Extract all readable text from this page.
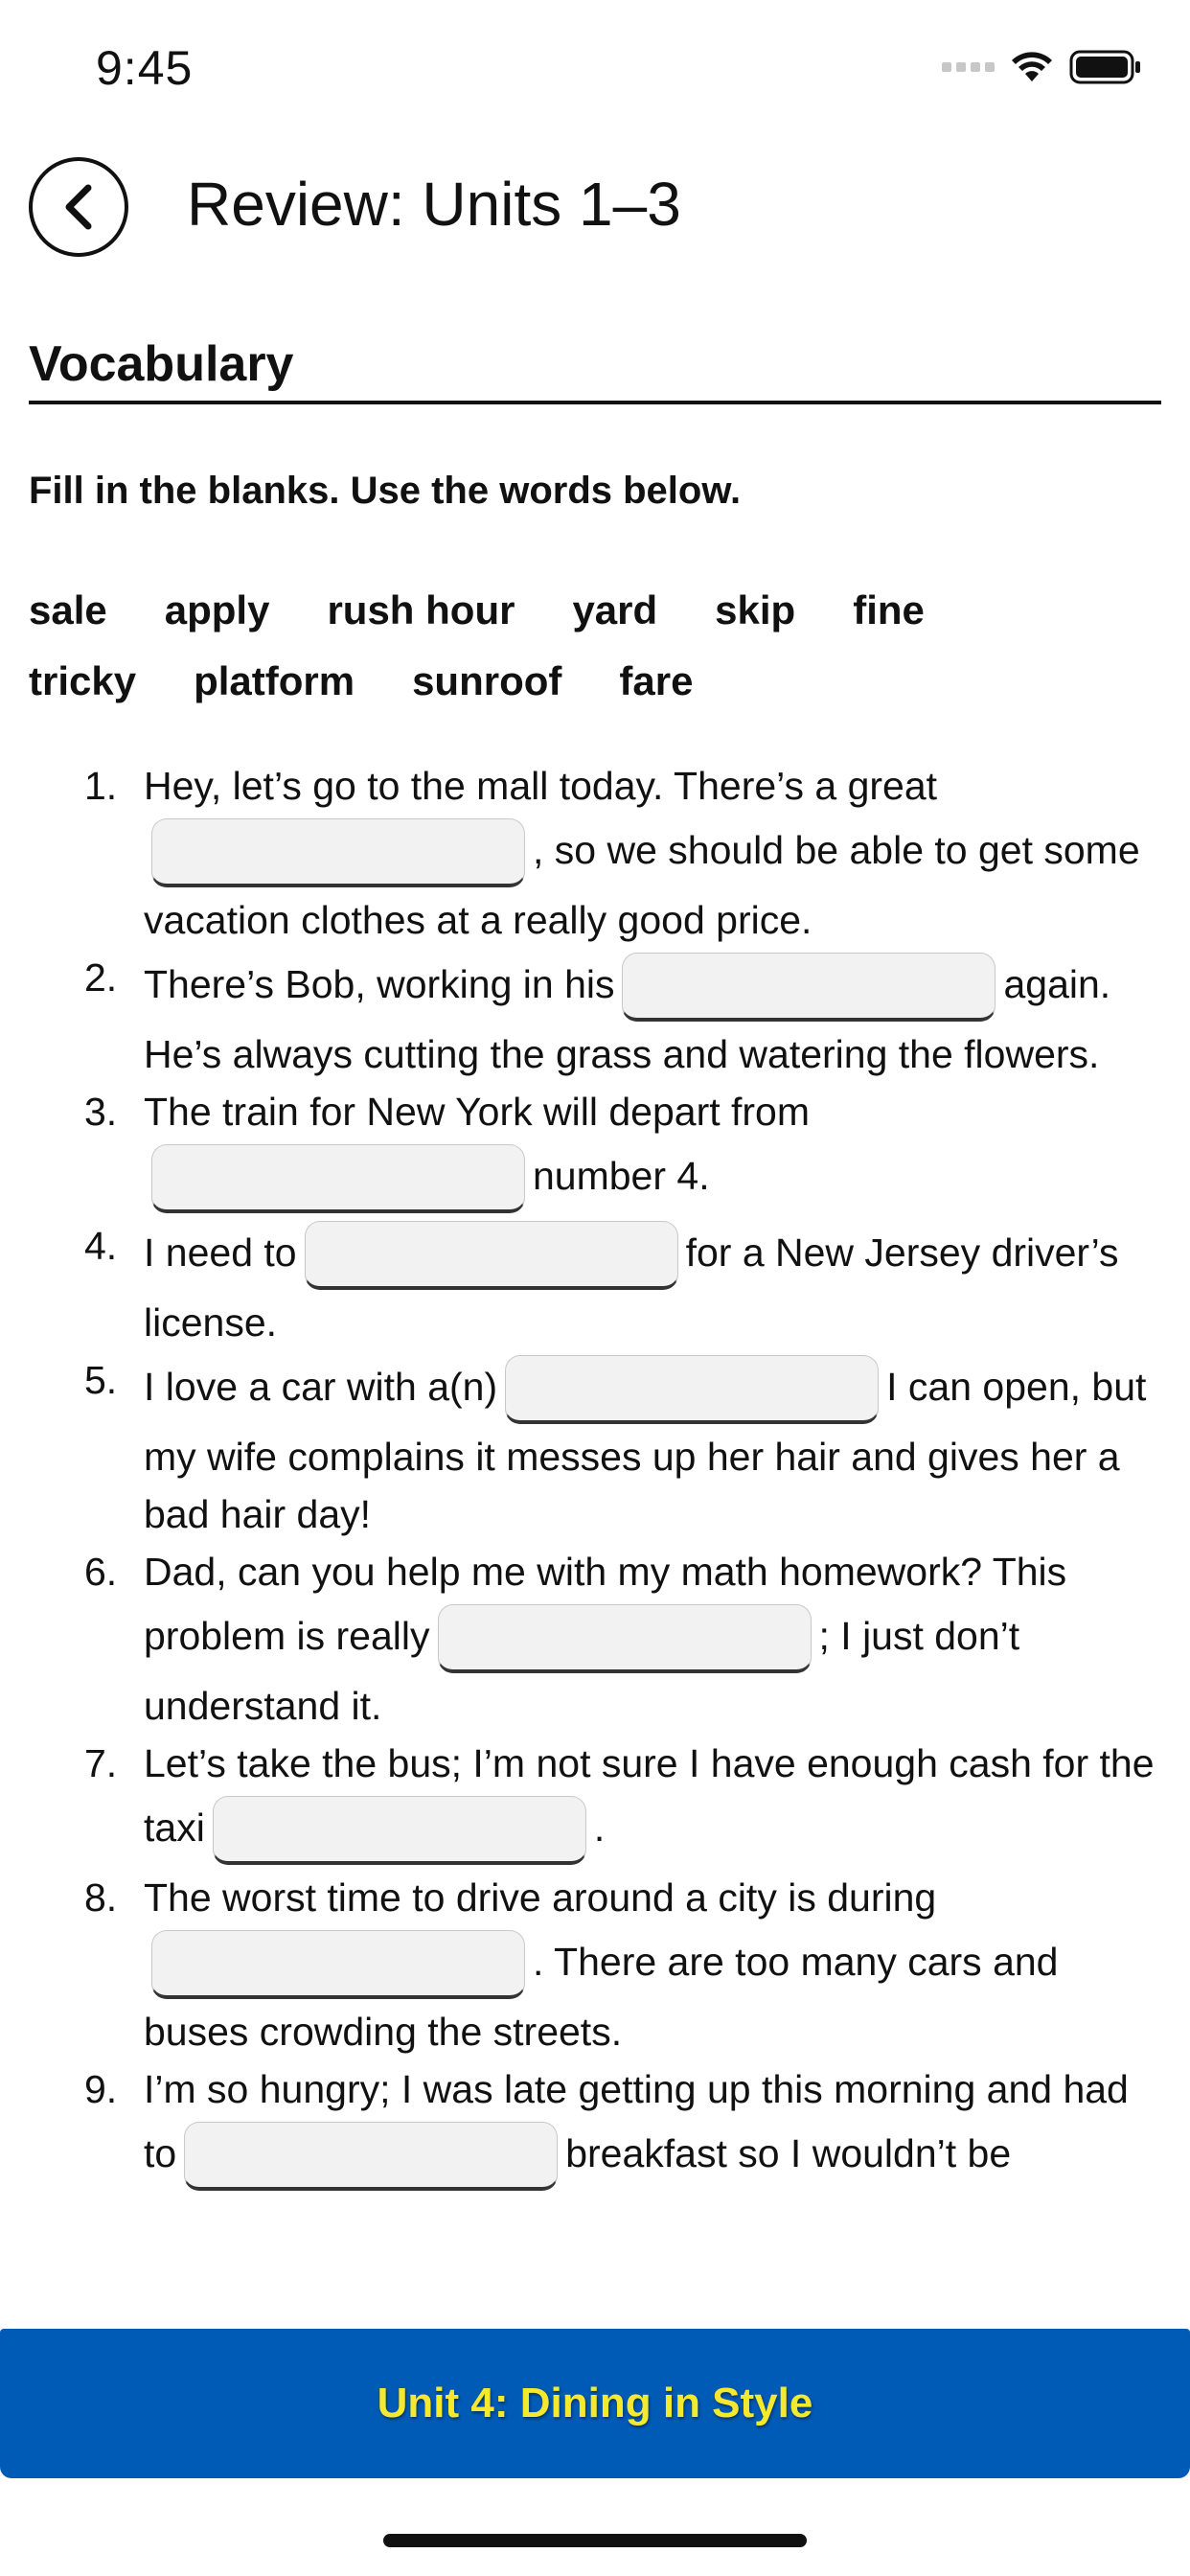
9:45
Review: Units 1–3
Vocabulary
Fill in the blanks. Use the words below.
sale apply rush hour yard skip fine
tricky platform sunroof fare
1. Hey, let’s go to the mall today. There’s a great, so we should be able to get some vacation clothes at a really good price.
2. There’s Bob, working in his	again. He’s always cutting the grass and watering the flowers.
3. The train for New York will depart fromnumber 4.
4. I need to	for a New Jersey driver’s license.
5. I love a car with a(n)	I can open, but my wife complains it messes up her hair and gives her a bad hair day!
6. Dad, can you help me with my math homework? This problem is really	; I just don’t understand it.
7. Let’s take the bus; I’m not sure I have enough cash for the taxi	.
8. The worst time to drive around a city is during. There are too many cars and buses crowding the streets.
9. I’m so hungry; I was late getting up this morning and had to	breakfast so I wouldn’t be
Unit 4: Dining in Style
